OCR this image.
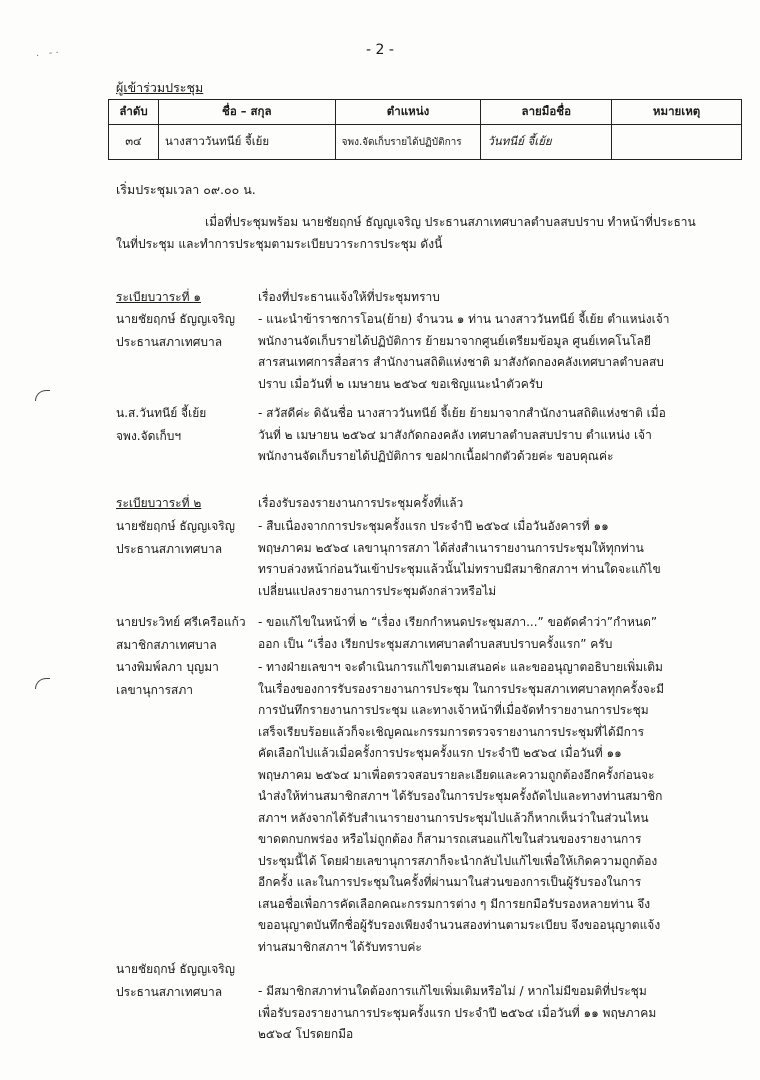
.   - ·	- 2 -
ผู้เข้าร่วมประชุม
ลำดับ	ชื่อ – สกุล	ตำแหน่ง	ลายมือชื่อ	หมายเหตุ
๓๔	นางสาววันทนีย์ จี้เย้ย	จพง.จัดเก็บรายได้ปฏิบัติการ	วันทนีย์ จี้เย้ย	
เริ่มประชุมเวลา ๐๙.๐๐ น.
เมื่อที่ประชุมพร้อม นายชัยฤกษ์ ธัญญเจริญ ประธานสภาเทศบาลตำบลสบปราบ ทำหน้าที่ประธาน
ในที่ประชุม และทำการประชุมตามระเบียบวาระการประชุม ดังนี้
ระเบียบวาระที่ ๑	เรื่องที่ประธานแจ้งให้ที่ประชุมทราบ
นายชัยฤกษ์ ธัญญเจริญ
ประธานสภาเทศบาล
- แนะนำข้าราชการโอน(ย้าย) จำนวน ๑ ท่าน นางสาววันทนีย์ จี้เย้ย ตำแหน่งเจ้า
พนักงานจัดเก็บรายได้ปฏิบัติการ ย้ายมาจากศูนย์เตรียมข้อมูล ศูนย์เทคโนโลยี
สารสนเทศการสื่อสาร สำนักงานสถิติแห่งชาติ มาสังกัดกองคลังเทศบาลตำบลสบ
ปราบ เมื่อวันที่ ๒ เมษายน ๒๕๖๔ ขอเชิญแนะนำตัวครับ
น.ส.วันทนีย์ จี้เย้ย
จพง.จัดเก็บฯ
- สวัสดีค่ะ ดิฉันชื่อ นางสาววันทนีย์ จี้เย้ย ย้ายมาจากสำนักงานสถิติแห่งชาติ เมื่อ
วันที่ ๒ เมษายน ๒๕๖๔ มาสังกัดกองคลัง เทศบาลตำบลสบปราบ ตำแหน่ง เจ้า
พนักงานจัดเก็บรายได้ปฏิบัติการ ขอฝากเนื้อฝากตัวด้วยค่ะ ขอบคุณค่ะ
ระเบียบวาระที่ ๒	เรื่องรับรองรายงานการประชุมครั้งที่แล้ว
นายชัยฤกษ์ ธัญญเจริญ
ประธานสภาเทศบาล
- สืบเนื่องจากการประชุมครั้งแรก ประจำปี ๒๕๖๔ เมื่อวันอังคารที่ ๑๑
พฤษภาคม ๒๕๖๔ เลขานุการสภา ได้ส่งสำเนารายงานการประชุมให้ทุกท่าน
ทราบล่วงหน้าก่อนวันเข้าประชุมแล้วนั้นไม่ทราบมีสมาชิกสภาฯ ท่านใดจะแก้ไข
เปลี่ยนแปลงรายงานการประชุมดังกล่าวหรือไม่
นายประวิทย์ ศรีเครือแก้ว
สมาชิกสภาเทศบาล
- ขอแก้ไขในหน้าที่ ๒ “เรื่อง เรียกกำหนดประชุมสภา...” ขอตัดคำว่า”กำหนด”
ออก เป็น “เรื่อง เรียกประชุมสภาเทศบาลตำบลสบปราบครั้งแรก” ครับ
นางพิมพ์ลภา บุญมา
เลขานุการสภา
- ทางฝ่ายเลขาฯ จะดำเนินการแก้ไขตามเสนอค่ะ และขออนุญาตอธิบายเพิ่มเติม
ในเรื่องของการรับรองรายงานการประชุม ในการประชุมสภาเทศบาลทุกครั้งจะมี
การบันทึกรายงานการประชุม และทางเจ้าหน้าที่เมื่อจัดทำรายงานการประชุม
เสร็จเรียบร้อยแล้วก็จะเชิญคณะกรรมการตรวจรายงานการประชุมที่ได้มีการ
คัดเลือกไปแล้วเมื่อครั้งการประชุมครั้งแรก ประจำปี ๒๕๖๔ เมื่อวันที่ ๑๑
พฤษภาคม ๒๕๖๔ มาเพื่อตรวจสอบรายละเอียดและความถูกต้องอีกครั้งก่อนจะ
นำส่งให้ท่านสมาชิกสภาฯ ได้รับรองในการประชุมครั้งถัดไปและทางท่านสมาชิก
สภาฯ หลังจากได้รับสำเนารายงานการประชุมไปแล้วก็หากเห็นว่าในส่วนไหน
ขาดตกบกพร่อง หรือไม่ถูกต้อง ก็สามารถเสนอแก้ไขในส่วนของรายงานการ
ประชุมนี้ได้ โดยฝ่ายเลขานุการสภาก็จะนำกลับไปแก้ไขเพื่อให้เกิดความถูกต้อง
อีกครั้ง และในการประชุมในครั้งที่ผ่านมาในส่วนของการเป็นผู้รับรองในการ
เสนอชื่อเพื่อการคัดเลือกคณะกรรมการต่าง ๆ มีการยกมือรับรองหลายท่าน จึง
ขออนุญาตบันทึกชื่อผู้รับรองเพียงจำนวนสองท่านตามระเบียบ จึงขออนุญาตแจ้ง
ท่านสมาชิกสภาฯ ได้รับทราบค่ะ
นายชัยฤกษ์ ธัญญเจริญ
ประธานสภาเทศบาล	- มีสมาชิกสภาท่านใดต้องการแก้ไขเพิ่มเติมหรือไม่ / หากไม่มีขอมติที่ประชุม
เพื่อรับรองรายงานการประชุมครั้งแรก ประจำปี ๒๕๖๔ เมื่อวันที่ ๑๑ พฤษภาคม
๒๕๖๔ โปรดยกมือ
